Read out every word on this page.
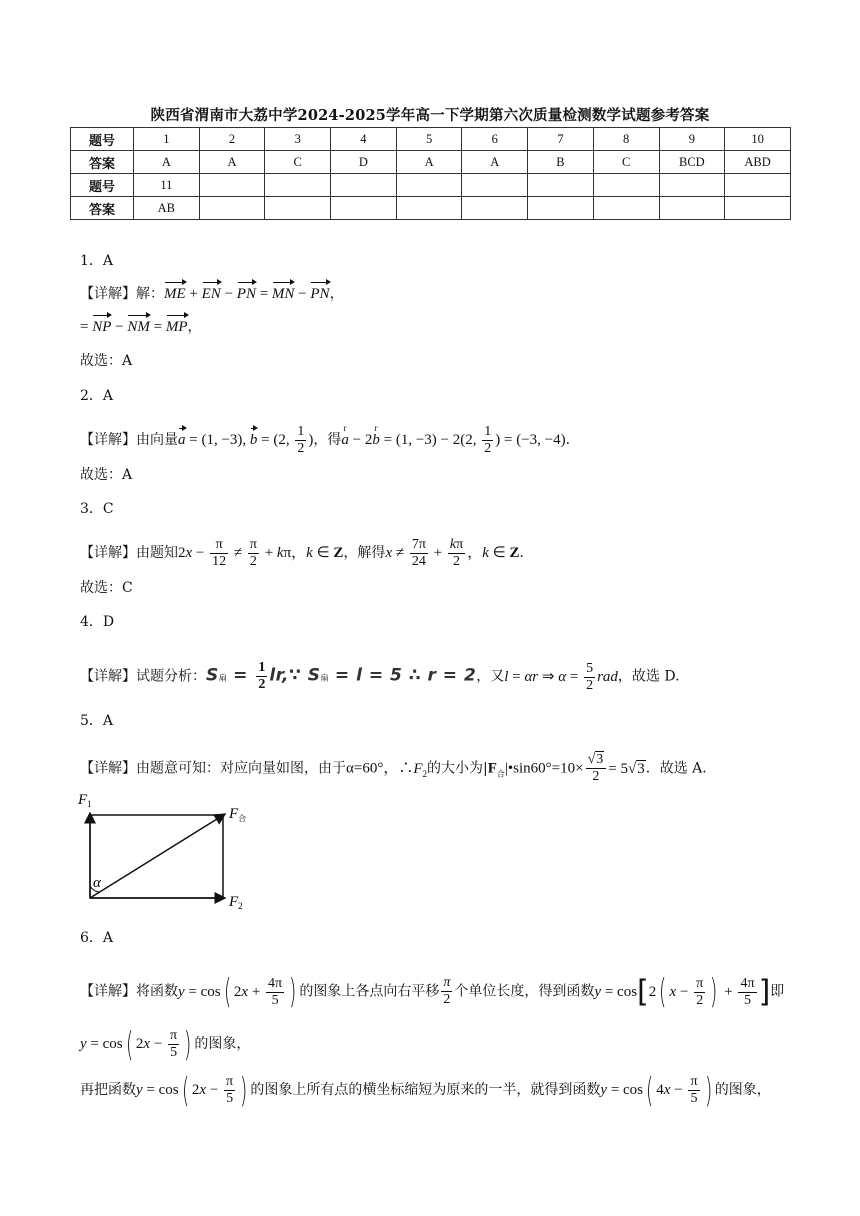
陕西省渭南市大荔中学2024-2025学年高一下学期第六次质量检测数学试题参考答案
题号	1	2	3	4	5	6	7	8	9	10
答案	A	A	C	D	A	A	B	C	BCD	ABD
题号	11									
答案	AB									
1．A
【详解】解：ME + EN − PN = MN − PN，
= NP − NM = MP，
故选：A
2．A
【详解】由向量a = (1, −3), b = (2, $\frac{1}{2}$ )，得
r
a − 2
r
b = (1, −3) − 2(2, $\frac{1}{2}$ ) = (−3, −4).
故选：A
3．C
【详解】由题知$2x - \frac{\pi}{12} \ne \frac{\pi}{2} + k\pi$，k ∈ Z，解得$x \ne \frac{7\pi}{24} + \frac{k\pi}{2}$ ，k ∈ Z.
故选：C
4．D
【详解】试题分析：S扇 = $\frac{1}{2}$ lr,∵ S扇 = l = 5 ∴ r = 2，又l = αr ⇒ $\alpha = \frac{5}{2}$ rad，故选 D.
5．A
【详解】由题意可知：对应向量如图，由于α=60°，$\therefore F_2$的大小为$|F_合|•\sin 60^\circ=10\times \frac{√3}{2} = 5√3$．故选 A．
$F_1$
$F_合$
$F_2$
α
6．A
【详解】将函数y = cos( $2x + \frac{4\pi}{5}$ ) 的图象上各点向右平移 $\frac{\pi}{2}$ 个单位长度，得到函数y = cos[2( $x - \frac{\pi}{2}$ ) + $\frac{4\pi}{5}$ ]即
y = cos( $2x - \frac{\pi}{5}$ ) 的图象，
再把函数y = cos( $2x - \frac{\pi}{5}$ ) 的图象上所有点的横坐标缩短为原来的一半，就得到函数y = cos( $4x - \frac{\pi}{5}$ ) 的图象，
